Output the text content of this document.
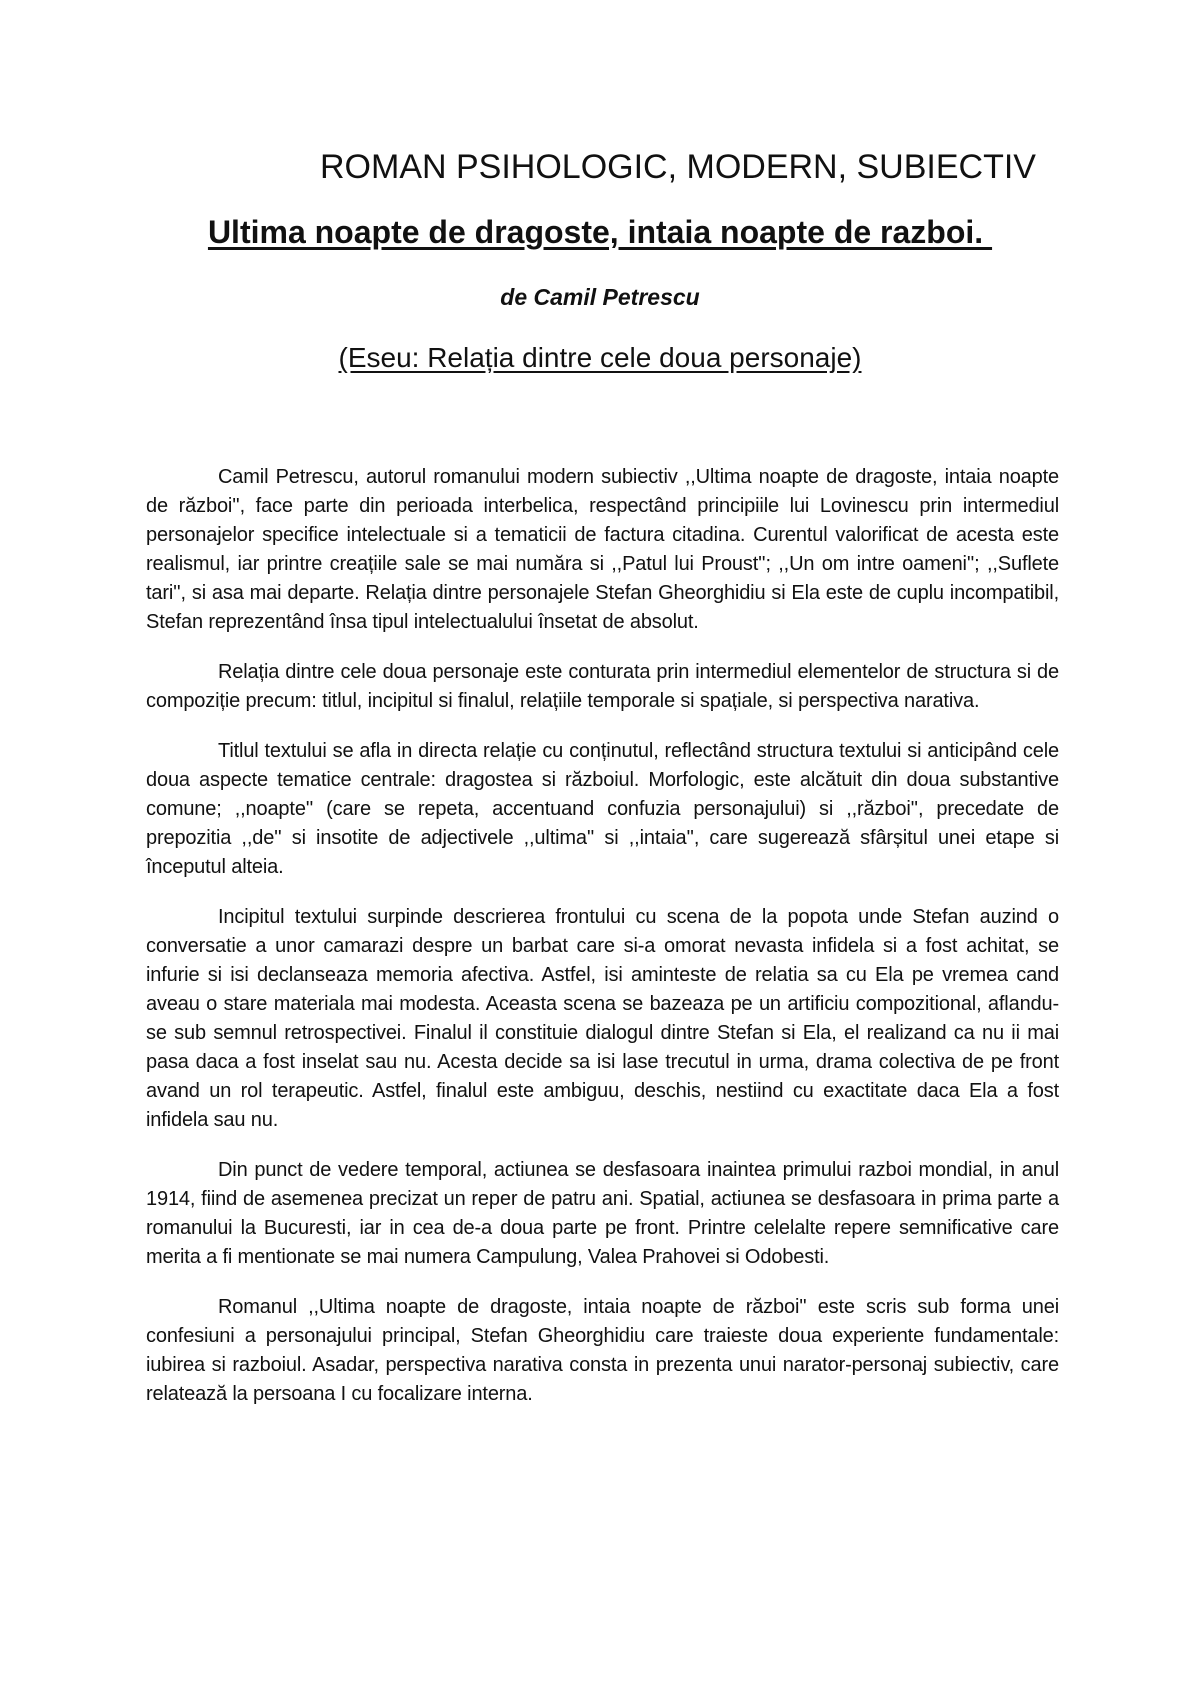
ROMAN PSIHOLOGIC, MODERN, SUBIECTIV
Ultima noapte de dragoste, intaia noapte de razboi.

de Camil Petrescu

(Eseu: Relația dintre cele doua personaje)

Camil Petrescu, autorul romanului modern subiectiv ,,Ultima noapte de dragoste, intaia noapte de război'', face parte din perioada interbelica, respectând principiile lui Lovinescu prin intermediul personajelor specifice intelectuale si a tematicii de factura citadina. Curentul valorificat de acesta este realismul, iar printre creațiile sale se mai număra si ,,Patul lui Proust''; ,,Un om intre oameni''; ,,Suflete tari'', si asa mai departe. Relația dintre personajele Stefan Gheorghidiu si Ela este de cuplu incompatibil, Stefan reprezentând însa tipul intelectualului însetat de absolut.

Relația dintre cele doua personaje este conturata prin intermediul elementelor de structura si de compoziție precum: titlul, incipitul si finalul, relațiile temporale si spațiale, si perspectiva narativa.

Titlul textului se afla in directa relație cu conținutul, reflectând structura textului si anticipând cele doua aspecte tematice centrale: dragostea si războiul. Morfologic, este alcătuit din doua substantive comune; ,,noapte'' (care se repeta, accentuand confuzia personajului) si ,,război'', precedate de prepozitia ,,de'' si insotite de adjectivele ,,ultima'' si ,,intaia'', care sugerează sfârșitul unei etape si începutul alteia.

Incipitul textului surpinde descrierea frontului cu scena de la popota unde Stefan auzind o conversatie a unor camarazi despre un barbat care si-a omorat nevasta infidela si a fost achitat, se infurie si isi declanseaza memoria afectiva. Astfel, isi aminteste de relatia sa cu Ela pe vremea cand aveau o stare materiala mai modesta. Aceasta scena se bazeaza pe un artificiu compozitional, aflandu-se sub semnul retrospectivei. Finalul il constituie dialogul dintre Stefan si Ela, el realizand ca nu ii mai pasa daca a fost inselat sau nu. Acesta decide sa isi lase trecutul in urma, drama colectiva de pe front avand un rol terapeutic. Astfel, finalul este ambiguu, deschis, nestiind cu exactitate daca Ela a fost infidela sau nu.

Din punct de vedere temporal, actiunea se desfasoara inaintea primului razboi mondial, in anul 1914, fiind de asemenea precizat un reper de patru ani. Spatial, actiunea se desfasoara in prima parte a romanului la Bucuresti, iar in cea de-a doua parte pe front. Printre celelalte repere semnificative care merita a fi mentionate se mai numera Campulung, Valea Prahovei si Odobesti.

Romanul ,,Ultima noapte de dragoste, intaia noapte de război'' este scris sub forma unei confesiuni a personajului principal, Stefan Gheorghidiu care traieste doua experiente fundamentale: iubirea si razboiul. Asadar, perspectiva narativa consta in prezenta unui narator-personaj subiectiv, care relatează la persoana I cu focalizare interna.
